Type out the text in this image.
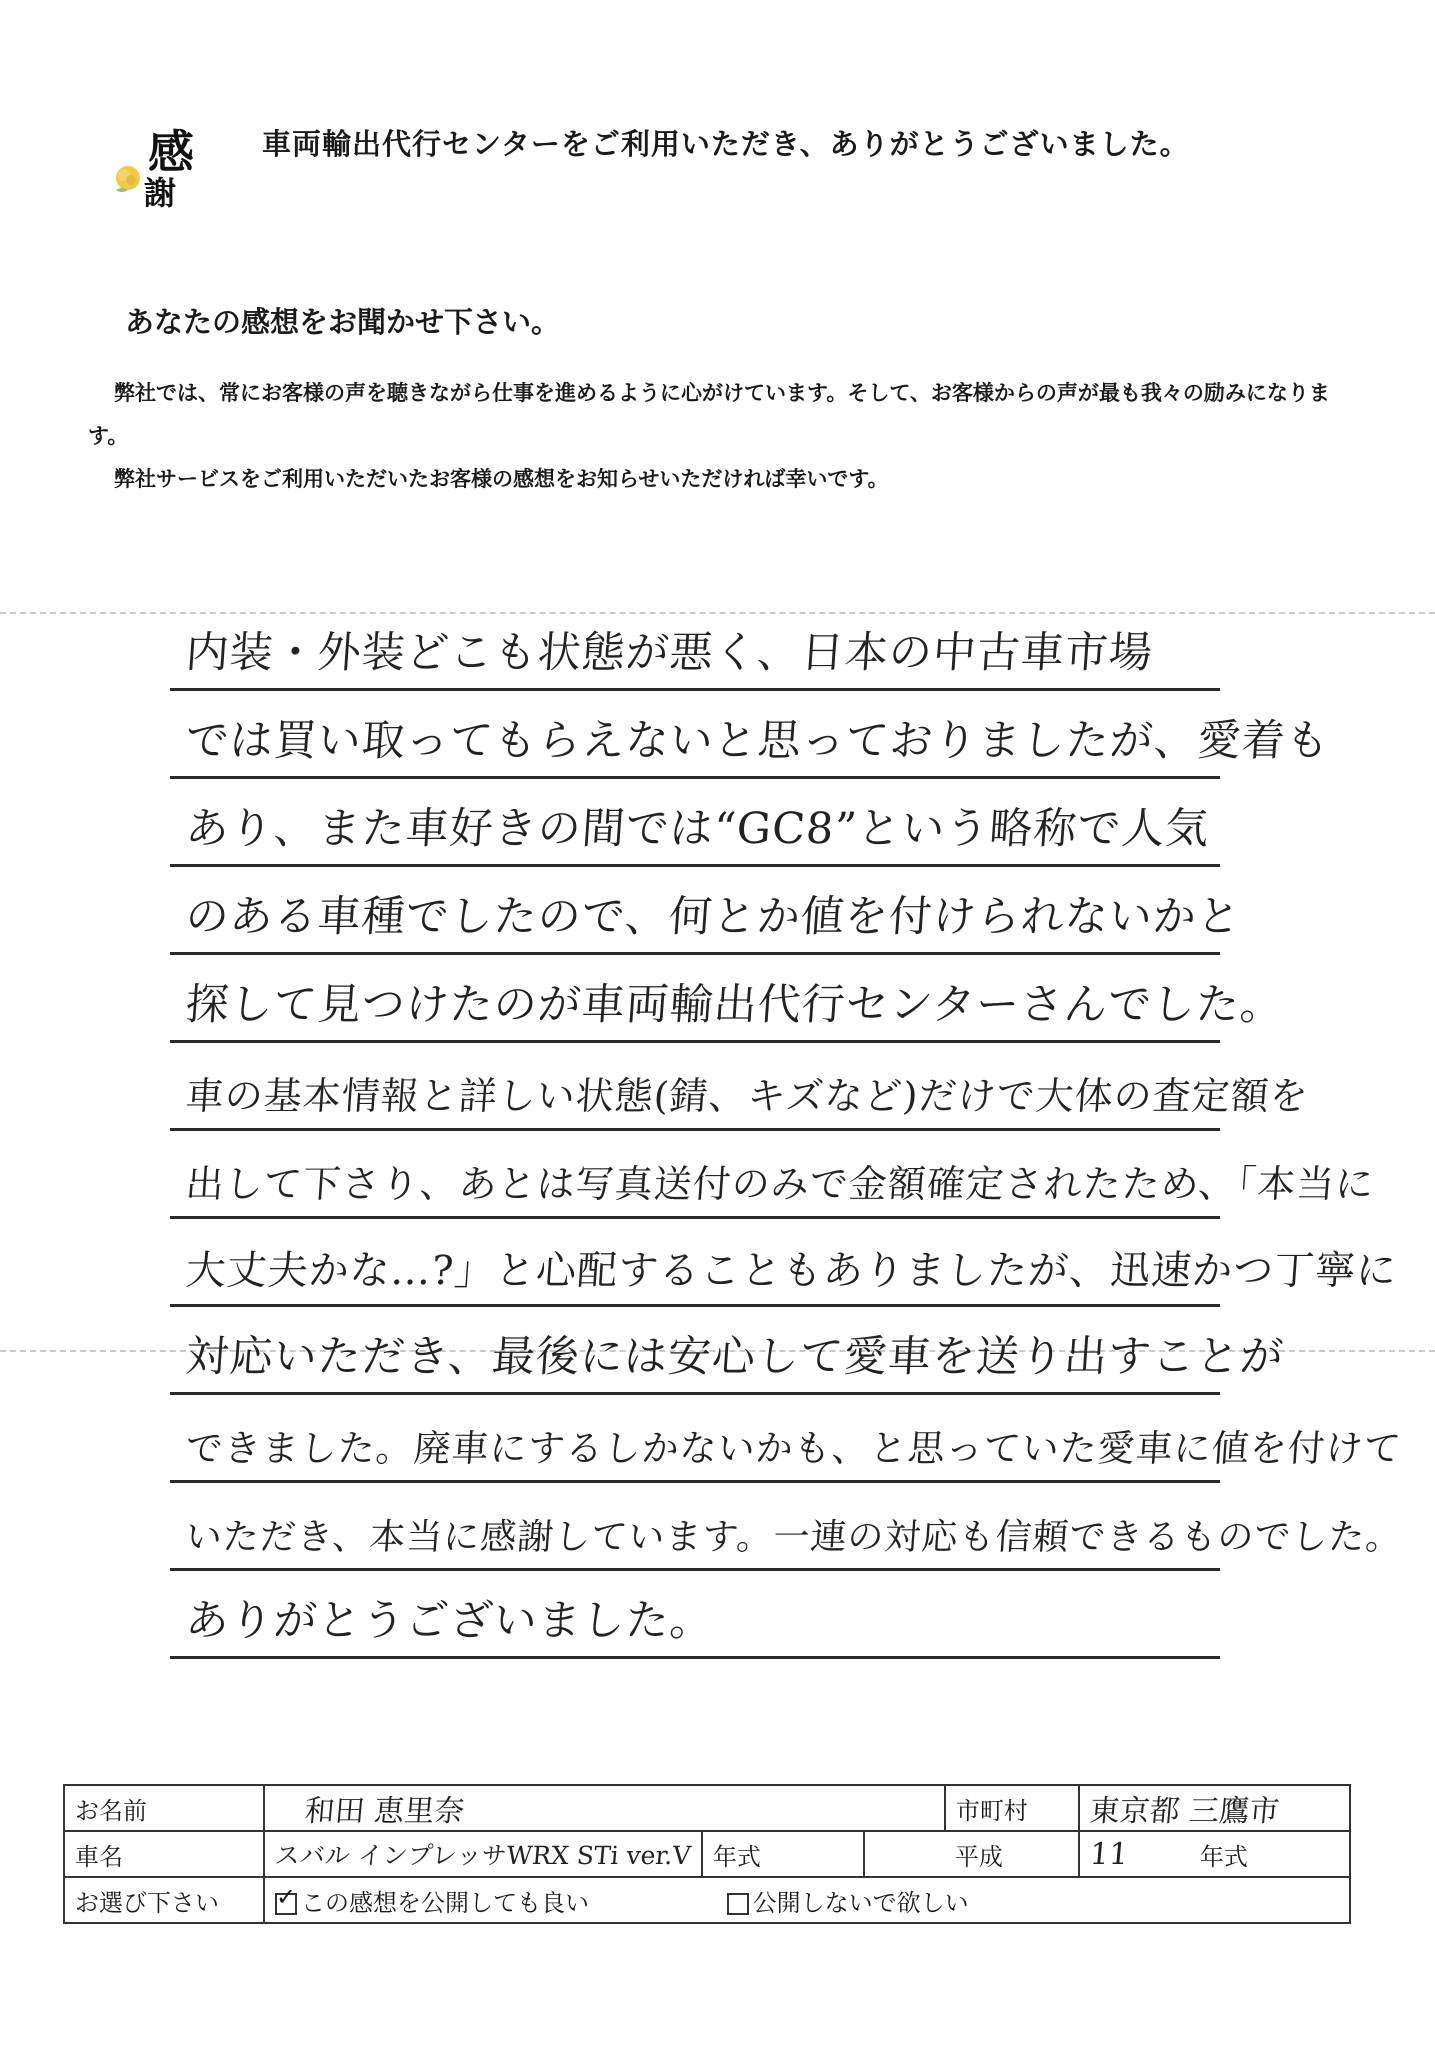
感
謝
車両輸出代行センターをご利用いただき、ありがとうございました。
あなたの感想をお聞かせ下さい。

弊社では、常にお客様の声を聴きながら仕事を進めるように心がけています。そして、お客様からの声が最も我々の励みになります。

弊社サービスをご利用いただいたお客様の感想をお知らせいただければ幸いです。

内装・外装どこも状態が悪く、日本の中古車市場
では買い取ってもらえないと思っておりましたが、愛着も
あり、また車好きの間では“GC8”という略称で人気
のある車種でしたので、何とか値を付けられないかと
探して見つけたのが車両輸出代行センターさんでした。
車の基本情報と詳しい状態(錆、キズなど)だけで大体の査定額を
出して下さり、あとは写真送付のみで金額確定されたため、「本当に
大丈夫かな…?」と心配することもありましたが、迅速かつ丁寧に
対応いただき、最後には安心して愛車を送り出すことが
できました。廃車にするしかないかも、と思っていた愛車に値を付けて
いただき、本当に感謝しています。一連の対応も信頼できるものでした。
ありがとうございました。
お名前	和田 恵里奈			市町村	東京都 三鷹市	
車名	スバル インプレッサWRX STi ver.V	年式		平成	11	年式
お選び下さい	✓ この感想を公開しても良い 公開しないで欲しい					
